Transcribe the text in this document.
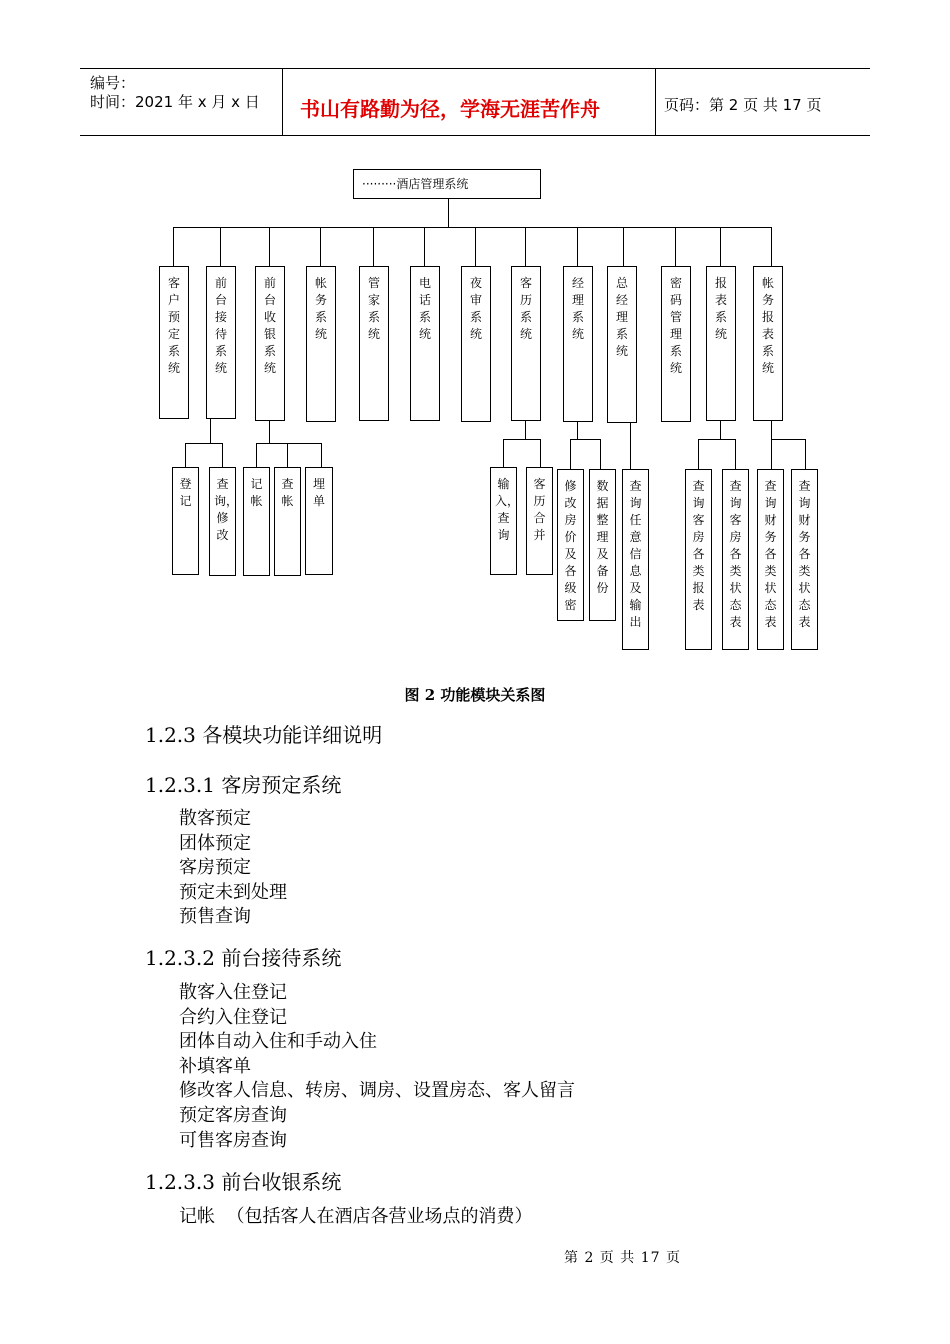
编号：
时间：2021 年 x 月 x 日 书山有路勤为径，学海无涯苦作舟	页码：第 2 页 共 17 页
·········酒店管理系统
客户预定系统
前台接待系统
前台收银系统
帐务系统
管家系统
电话系统
夜审系统
客历系统
经理系统
总经理系统
密码管理系统
报表系统
帐务报表系统
登记
查询，修改
记帐
查帐
埋单
输入，查询
客历合并
修改房价及各级密
数据整理及备份
查询任意信息及输出
查询客房各类报表
查询客房各类状态表
查询财务各类状态表
查询财务各类状态表
图 2 功能模块关系图
1.2.3 各模块功能详细说明
1.2.3.1 客房预定系统
散客预定
团体预定
客房预定
预定未到处理
预售查询
1.2.3.2 前台接待系统
散客入住登记
合约入住登记
团体自动入住和手动入住
补填客单
修改客人信息、转房、调房、设置房态、客人留言
预定客房查询
可售客房查询
1.2.3.3 前台收银系统
记帐  （包括客人在酒店各营业场点的消费）
第 2 页 共 17 页
